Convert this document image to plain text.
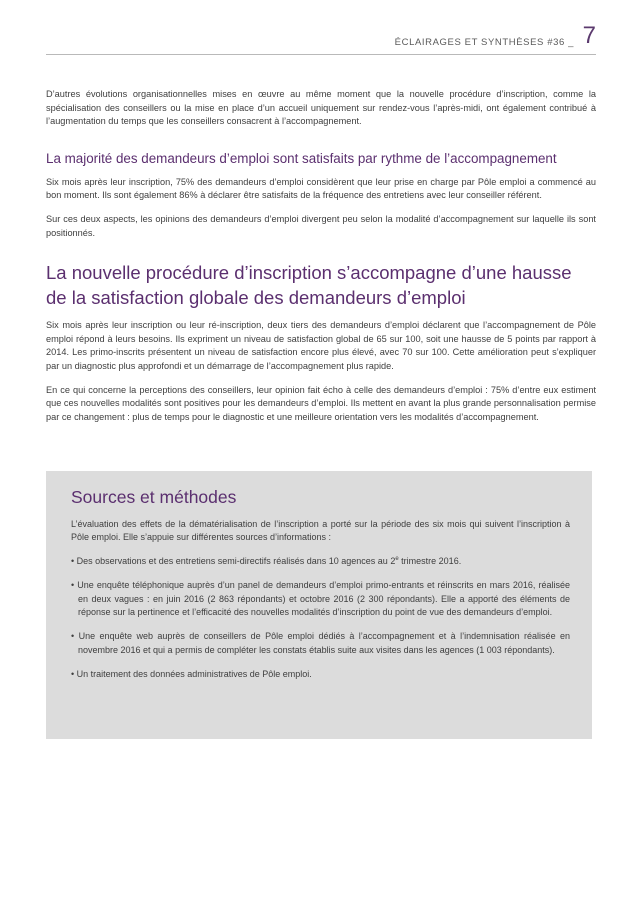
ÉCLAIRAGES ET SYNTHÈSES #36 _ 7

D’autres évolutions organisationnelles mises en œuvre au même moment que la nouvelle procédure d’inscription, comme la spécialisation des conseillers ou la mise en place d’un accueil uniquement sur rendez-vous l’après-midi, ont également contribué à l’augmentation du temps que les conseillers consacrent à l’accompagnement.

La majorité des demandeurs d’emploi sont satisfaits par rythme de l’accompagnement

Six mois après leur inscription, 75% des demandeurs d’emploi considèrent que leur prise en charge par Pôle emploi a commencé au bon moment. Ils sont également 86% à déclarer être satisfaits de la fréquence des entretiens avec leur conseiller référent.

Sur ces deux aspects, les opinions des demandeurs d’emploi divergent peu selon la modalité d’accompagnement sur laquelle ils sont positionnés.

La nouvelle procédure d’inscription s’accompagne d’une hausse de la satisfaction globale des demandeurs d’emploi

Six mois après leur inscription ou leur ré-inscription, deux tiers des demandeurs d’emploi déclarent que l’accompagnement de Pôle emploi répond à leurs besoins. Ils expriment un niveau de satisfaction global de 65 sur 100, soit une hausse de 5 points par rapport à 2014. Les primo-inscrits présentent un niveau de satisfaction encore plus élevé, avec 70 sur 100. Cette amélioration peut s’expliquer par un diagnostic plus approfondi et un démarrage de l’accompagnement plus rapide.

En ce qui concerne la perceptions des conseillers, leur opinion fait écho à celle des demandeurs d’emploi : 75% d’entre eux estiment que ces nouvelles modalités sont positives pour les demandeurs d’emploi. Ils mettent en avant la plus grande personnalisation permise par ce changement : plus de temps pour le diagnostic et une meilleure orientation vers les modalités d’accompagnement.

Sources et méthodes

L’évaluation des effets de la dématérialisation de l’inscription a porté sur la période des six mois qui suivent l’inscription à Pôle emploi. Elle s’appuie sur différentes sources d’informations :

• Des observations et des entretiens semi-directifs réalisés dans 10 agences au 2e trimestre 2016.
• Une enquête téléphonique auprès d’un panel de demandeurs d’emploi primo-entrants et réinscrits en mars 2016, réalisée en deux vagues : en juin 2016 (2 863 répondants) et octobre 2016 (2 300 répondants). Elle a apporté des éléments de réponse sur la pertinence et l’efficacité des nouvelles modalités d’inscription du point de vue des demandeurs d’emploi.
• Une enquête web auprès de conseillers de Pôle emploi dédiés à l’accompagnement et à l’indemnisation réalisée en novembre 2016 et qui a permis de compléter les constats établis suite aux visites dans les agences (1 003 répondants).
• Un traitement des données administratives de Pôle emploi.
